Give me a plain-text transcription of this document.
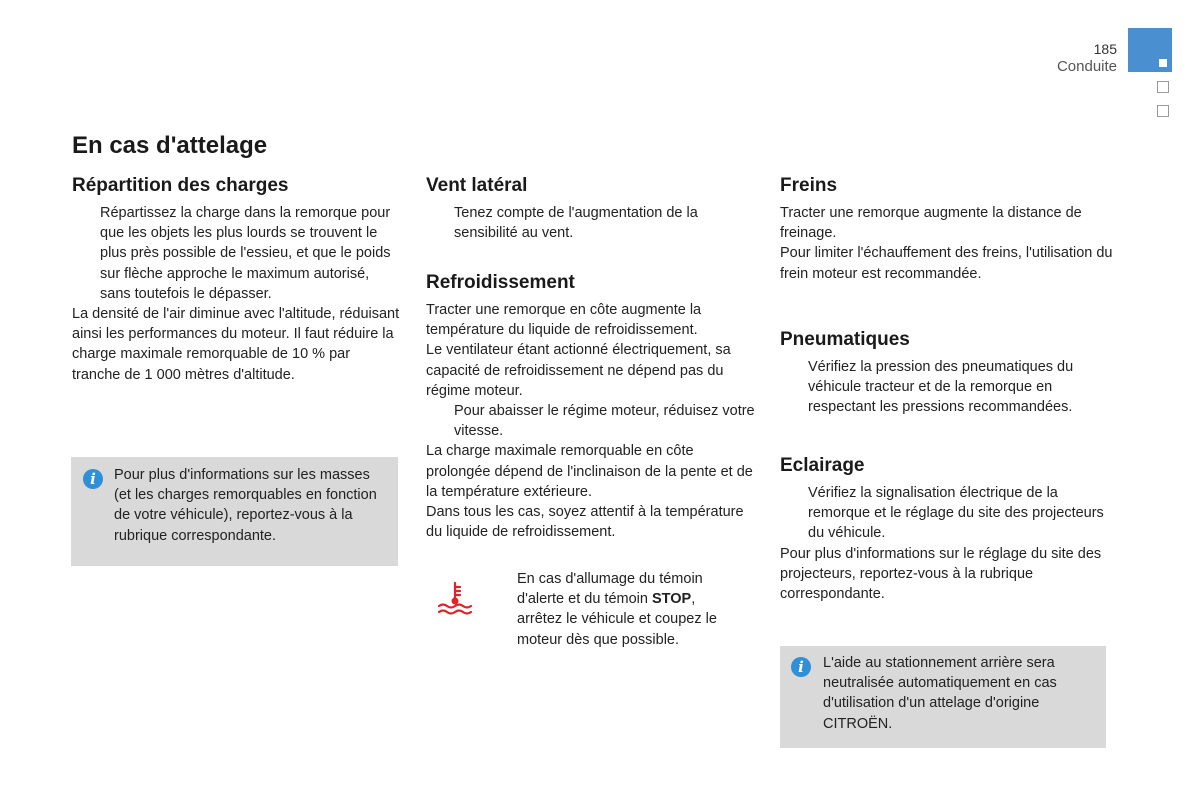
185
Conduite
En cas d'attelage
Répartition des charges
Répartissez la charge dans la remorque pour que les objets les plus lourds se trouvent le plus près possible de l'essieu, et que le poids sur flèche approche le maximum autorisé, sans toutefois le dépasser.

La densité de l'air diminue avec l'altitude, réduisant ainsi les performances du moteur. Il faut réduire la charge maximale remorquable de 10 % par tranche de 1 000 mètres d'altitude.

i	Pour plus d'informations sur les masses (et les charges remorquables en fonction de votre véhicule), reportez-vous à la rubrique correspondante.
Vent latéral
Tenez compte de l'augmentation de la sensibilité au vent.
Refroidissement

Tracter une remorque en côte augmente la température du liquide de refroidissement.

Le ventilateur étant actionné électriquement, sa capacité de refroidissement ne dépend pas du régime moteur.

Pour abaisser le régime moteur, réduisez votre vitesse.

La charge maximale remorquable en côte prolongée dépend de l'inclinaison de la pente et de la température extérieure.

Dans tous les cas, soyez attentif à la température du liquide de refroidissement.

En cas d'allumage du témoin d'alerte et du témoin STOP, arrêtez le véhicule et coupez le moteur dès que possible.
Freins

Tracter une remorque augmente la distance de freinage.

Pour limiter l'échauffement des freins, l'utilisation du frein moteur est recommandée.

Pneumatiques
Vérifiez la pression des pneumatiques du véhicule tracteur et de la remorque en respectant les pressions recommandées.
Eclairage
Vérifiez la signalisation électrique de la remorque et le réglage du site des projecteurs du véhicule.

Pour plus d'informations sur le réglage du site des projecteurs, reportez-vous à la rubrique correspondante.

i	L'aide au stationnement arrière sera neutralisée automatiquement en cas d'utilisation d'un attelage d'origine CITROËN.
